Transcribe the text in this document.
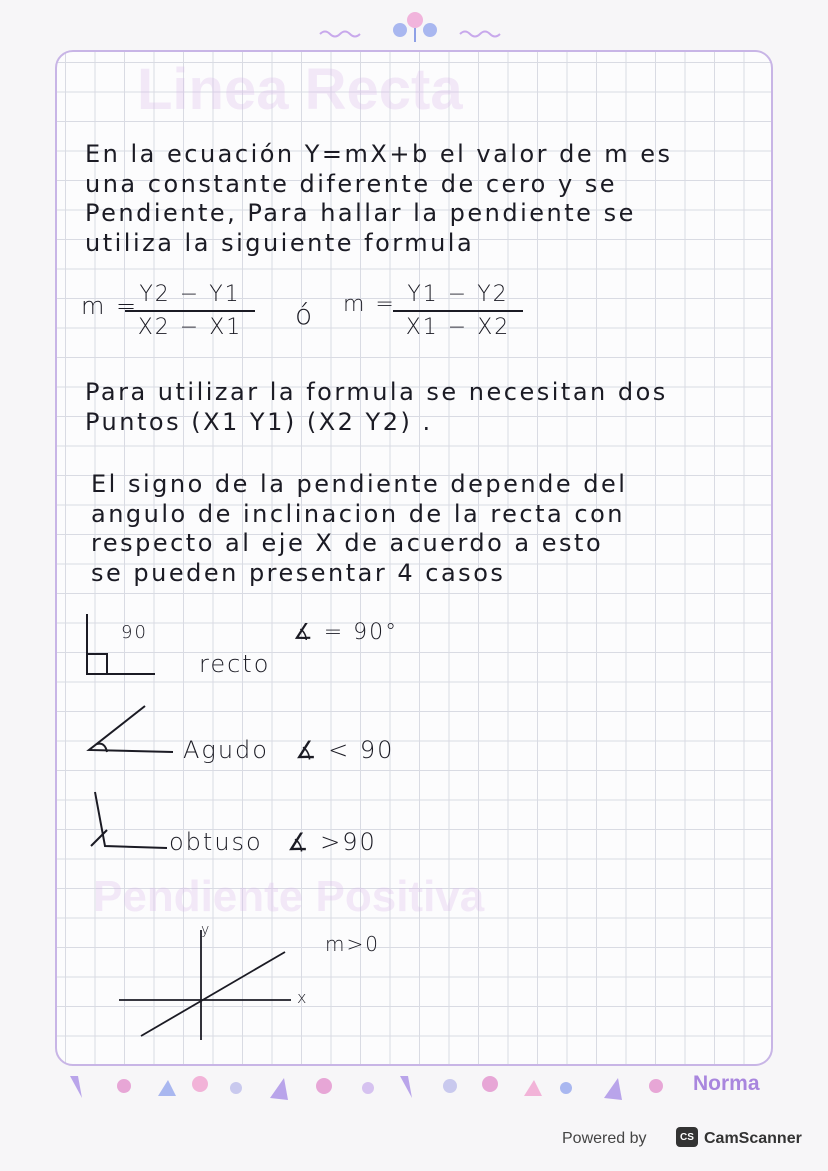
Linea Recta
En la ecuación Y=mX+b el valor de m es
una constante diferente de cero y se
Pendiente, Para hallar la pendiente se
utiliza la siguiente formula
m = Y2 − Y1
X2 − X1	ó m = Y1 − Y2
X1 − X2
Para utilizar la formula se necesitan dos
Puntos (X1 Y1) (X2 Y2) .
El signo de la pendiente depende del
angulo de inclinacion de la recta con
respecto al eje X de acuerdo a esto
se pueden presentar 4 casos
90	∡ = 90°
recto
Agudo ∡ < 90
obtuso ∡ >90
Pendiente Positiva
y
x
m>0
Norma
Powered by	CS CamScanner
